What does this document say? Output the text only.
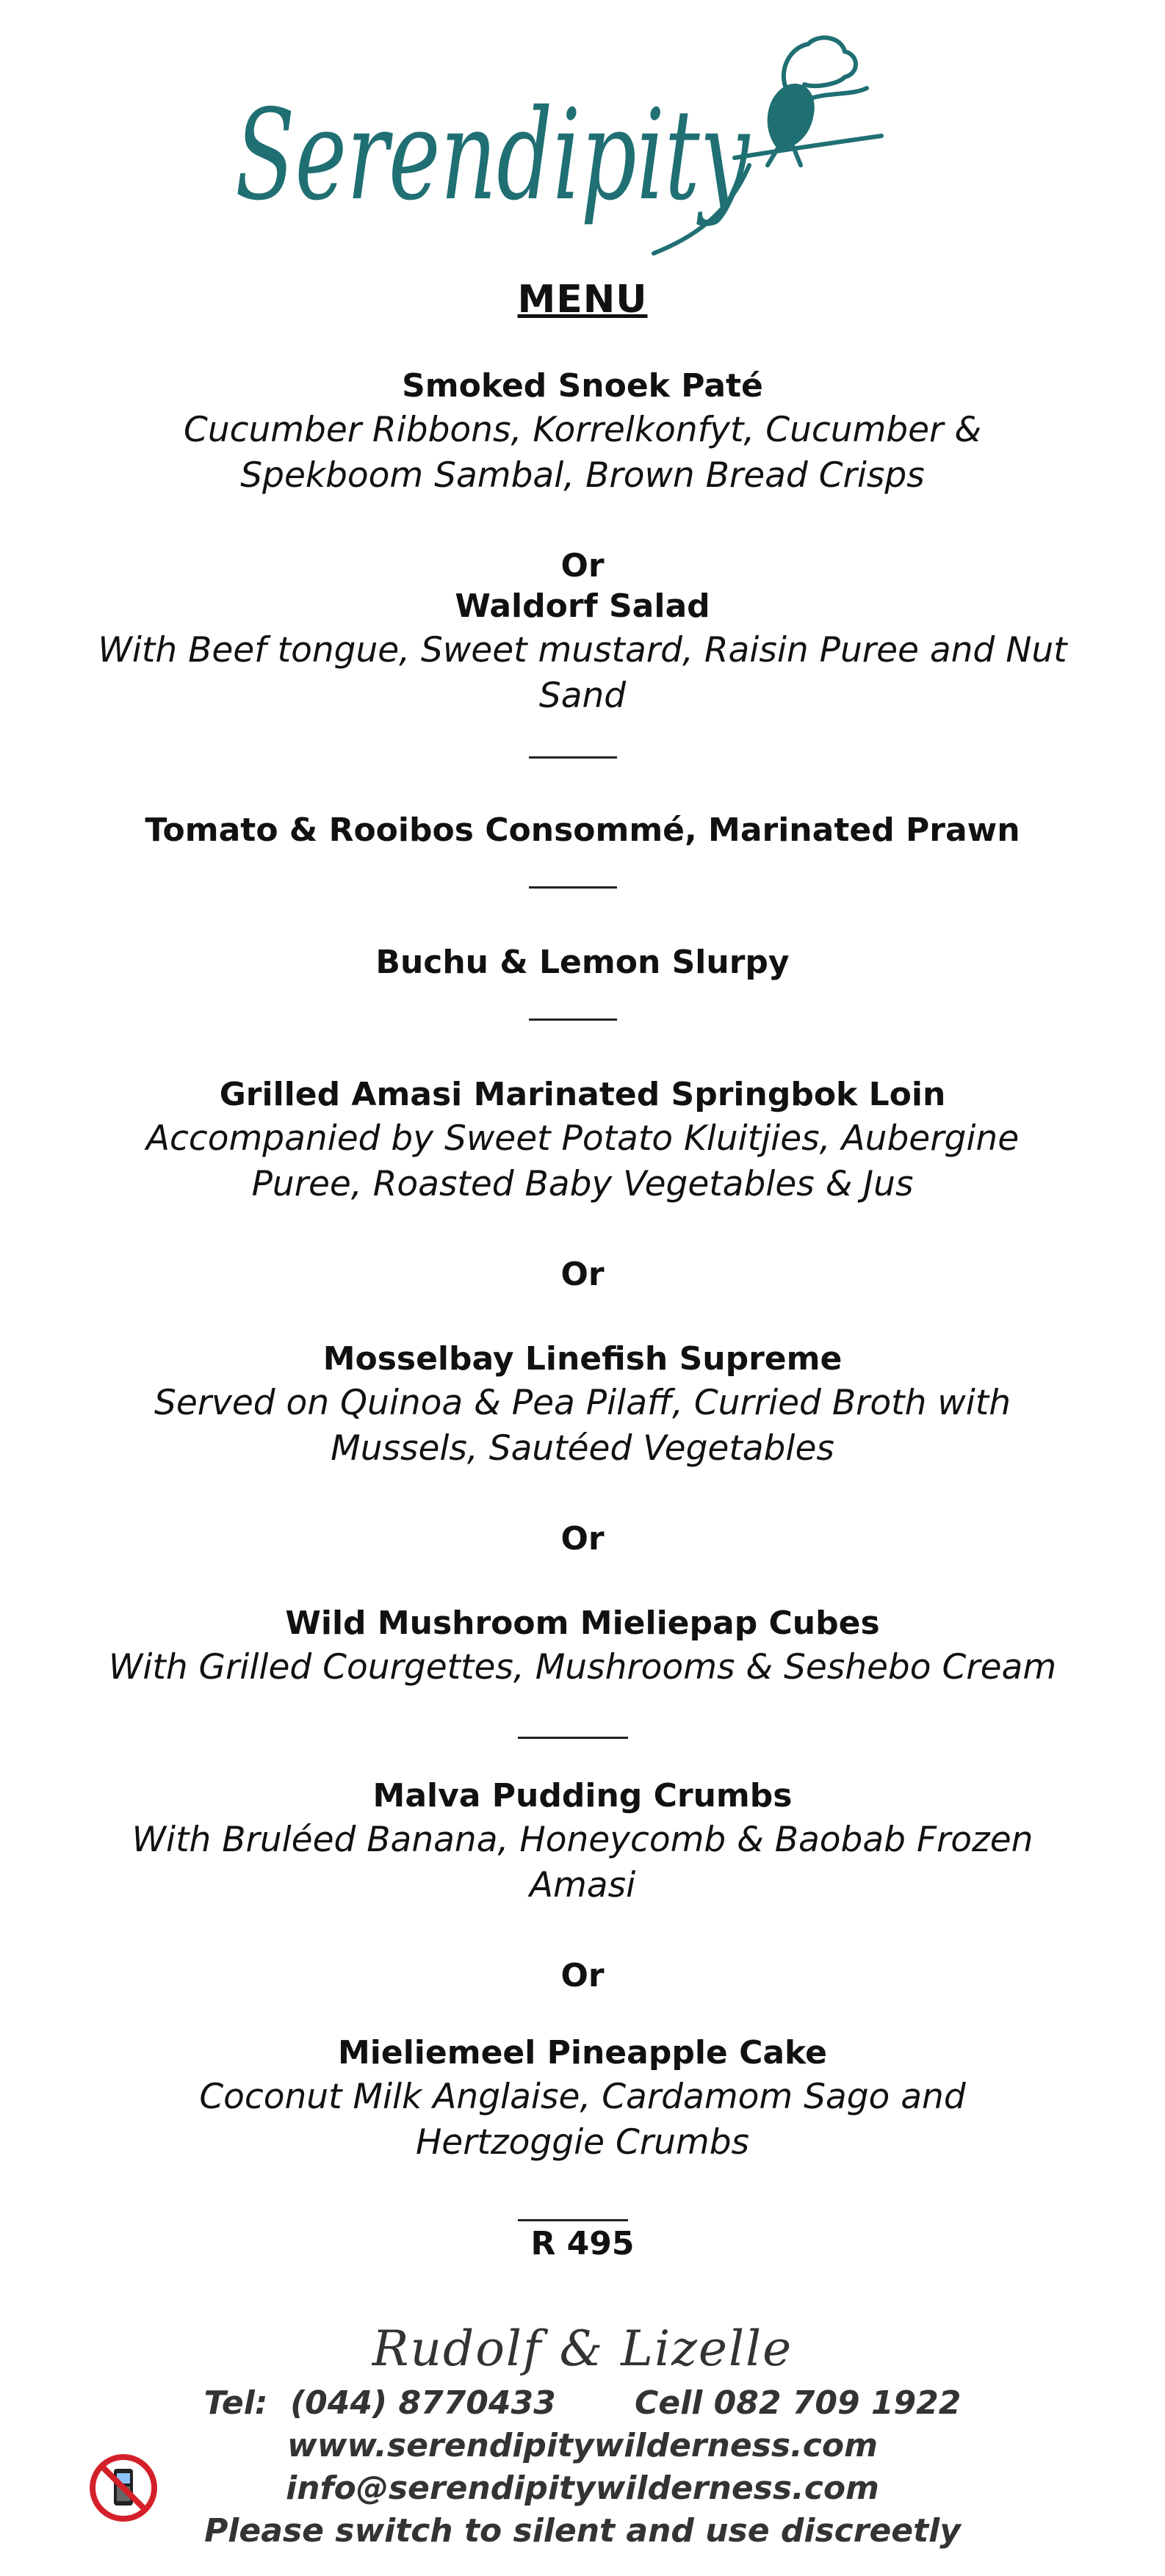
Serendipity
MENU
Smoked Snoek Paté
Cucumber Ribbons, Korrelkonfyt, Cucumber &
Spekboom Sambal, Brown Bread Crisps
Or
Waldorf Salad
With Beef tongue, Sweet mustard, Raisin Puree and Nut
Sand
Tomato & Rooibos Consommé, Marinated Prawn
Buchu & Lemon Slurpy
Grilled Amasi Marinated Springbok Loin
Accompanied by Sweet Potato Kluitjies, Aubergine
Puree, Roasted Baby Vegetables & Jus
Or
Mosselbay Linefish Supreme
Served on Quinoa & Pea Pilaff, Curried Broth with
Mussels, Sautéed Vegetables
Or
Wild Mushroom Mieliepap Cubes
With Grilled Courgettes, Mushrooms & Seshebo Cream
Malva Pudding Crumbs
With Bruléed Banana, Honeycomb & Baobab Frozen
Amasi
Or
Mieliemeel Pineapple Cake
Coconut Milk Anglaise, Cardamom Sago and
Hertzoggie Crumbs
R 495
Rudolf & Lizelle
Tel:  (044) 8770433       Cell 082 709 1922
www.serendipitywilderness.com
info@serendipitywilderness.com
Please switch to silent and use discreetly
